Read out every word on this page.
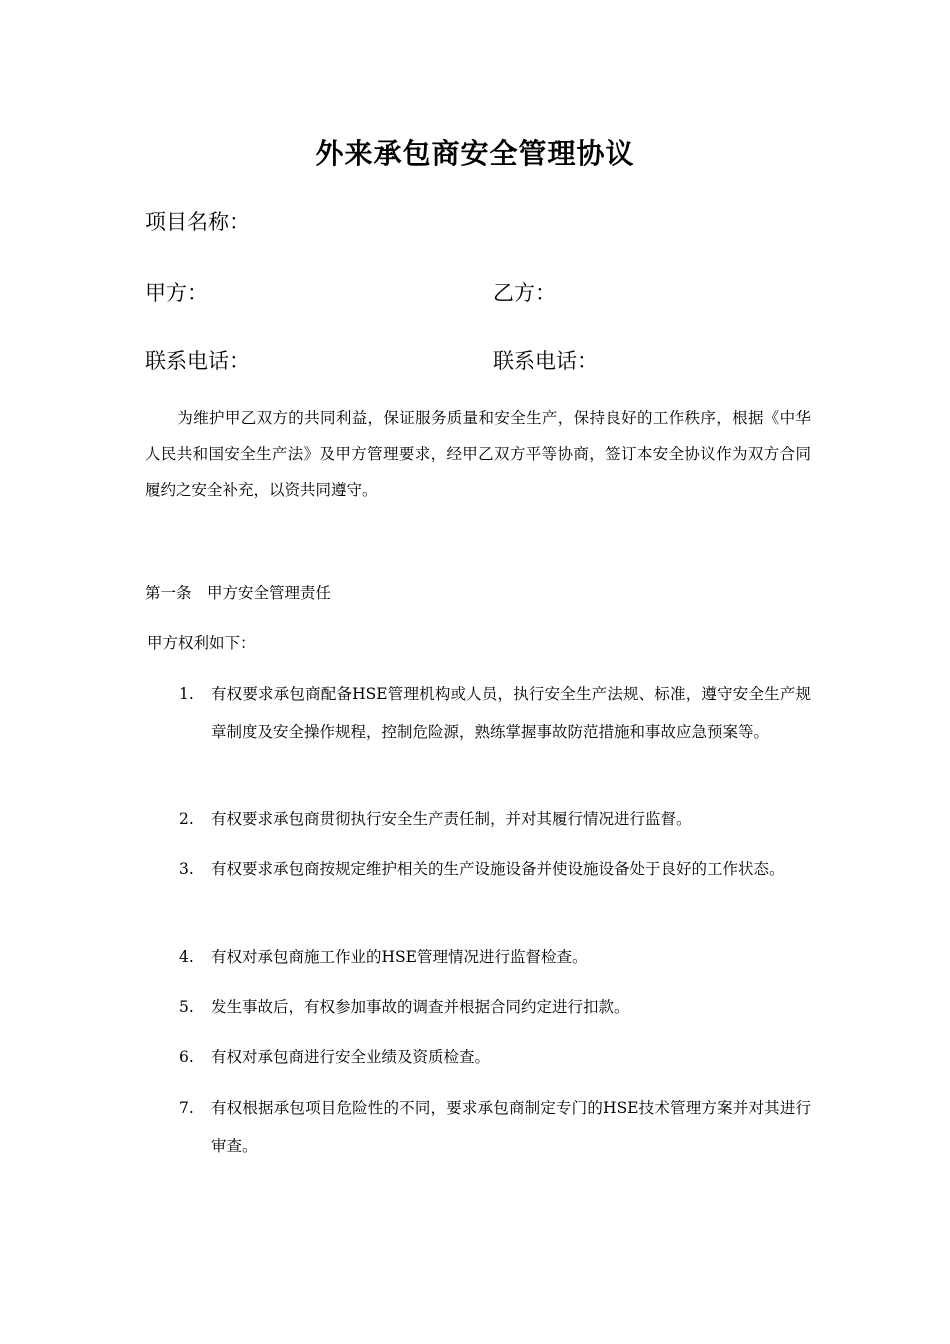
外来承包商安全管理协议
项目名称：
甲方：	乙方：
联系电话：	联系电话：
为维护甲乙双方的共同利益，保证服务质量和安全生产，保持良好的工作秩序，根据《中华人民共和国安全生产法》及甲方管理要求，经甲乙双方平等协商，签订本安全协议作为双方合同履约之安全补充，以资共同遵守。
第一条　甲方安全管理责任
甲方权利如下：
1.	有权要求承包商配备HSE管理机构或人员，执行安全生产法规、标准，遵守安全生产规章制度及安全操作规程，控制危险源，熟练掌握事故防范措施和事故应急预案等。
2.	有权要求承包商贯彻执行安全生产责任制，并对其履行情况进行监督。
3.	有权要求承包商按规定维护相关的生产设施设备并使设施设备处于良好的工作状态。
4.	有权对承包商施工作业的HSE管理情况进行监督检查。
5.	发生事故后，有权参加事故的调查并根据合同约定进行扣款。
6.	有权对承包商进行安全业绩及资质检查。
7.	有权根据承包项目危险性的不同，要求承包商制定专门的HSE技术管理方案并对其进行审查。
